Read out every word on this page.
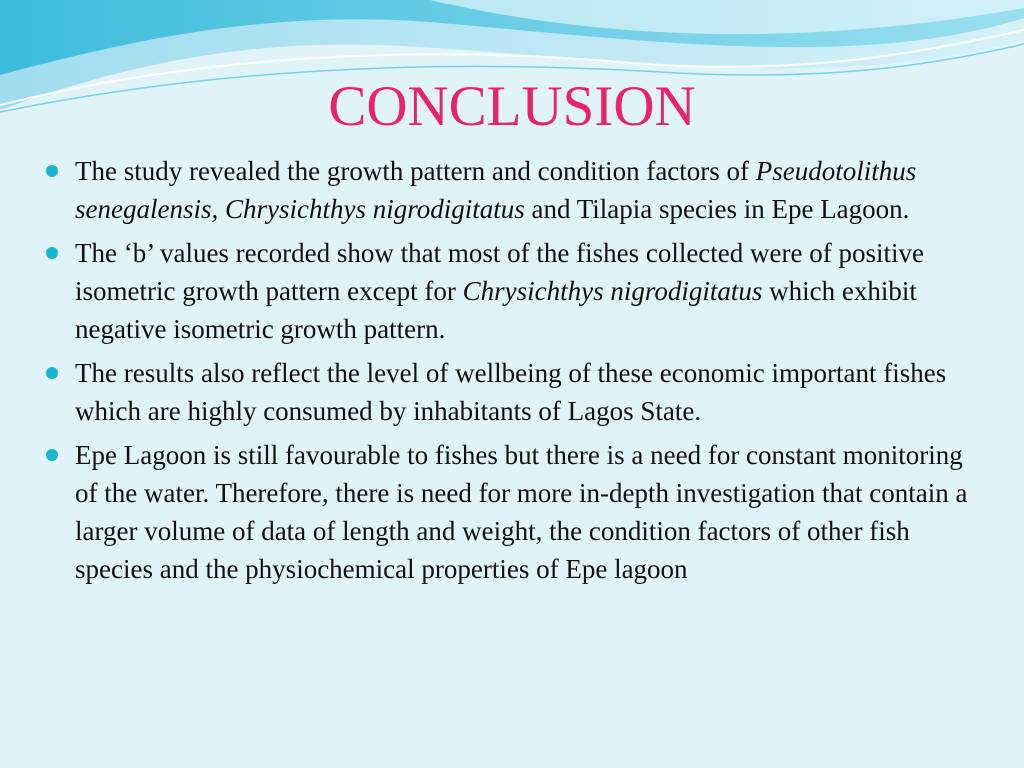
CONCLUSION
The study revealed the growth pattern and condition factors of Pseudotolithus senegalensis, Chrysichthys nigrodigitatus and Tilapia species in Epe Lagoon.
The ‘b’ values recorded show that most of the fishes collected were of positive isometric growth pattern except for Chrysichthys nigrodigitatus which exhibit negative isometric growth pattern.
The results also reflect the level of wellbeing of these economic important fishes which are highly consumed by inhabitants of Lagos State.
Epe Lagoon is still favourable to fishes but there is a need for constant monitoring of the water. Therefore, there is need for more in-depth investigation that contain a larger volume of data of length and weight, the condition factors of other fish species and the physiochemical properties of Epe lagoon
